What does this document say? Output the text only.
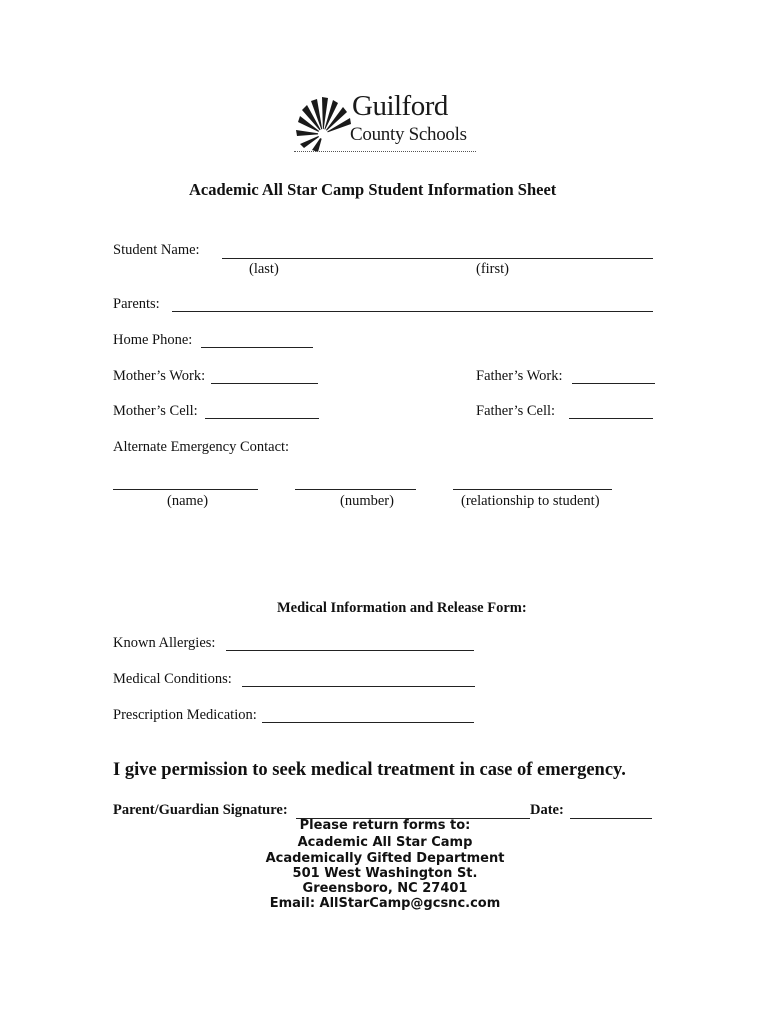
Guilford
County Schools
Academic All Star Camp Student Information Sheet
Student Name:
(last)	(first)
Parents:
Home Phone:
Mother’s Work:	Father’s Work:
Mother’s Cell:	Father’s Cell:
Alternate Emergency Contact:
(name)	(number)	(relationship to student)
Medical Information and Release Form:
Known Allergies:
Medical Conditions:
Prescription Medication:
I give permission to seek medical treatment in case of emergency.
Parent/Guardian Signature:	Date:
Please return forms to:
Academic All Star Camp
Academically Gifted Department
501 West Washington St.
Greensboro, NC 27401
Email: AllStarCamp@gcsnc.com
